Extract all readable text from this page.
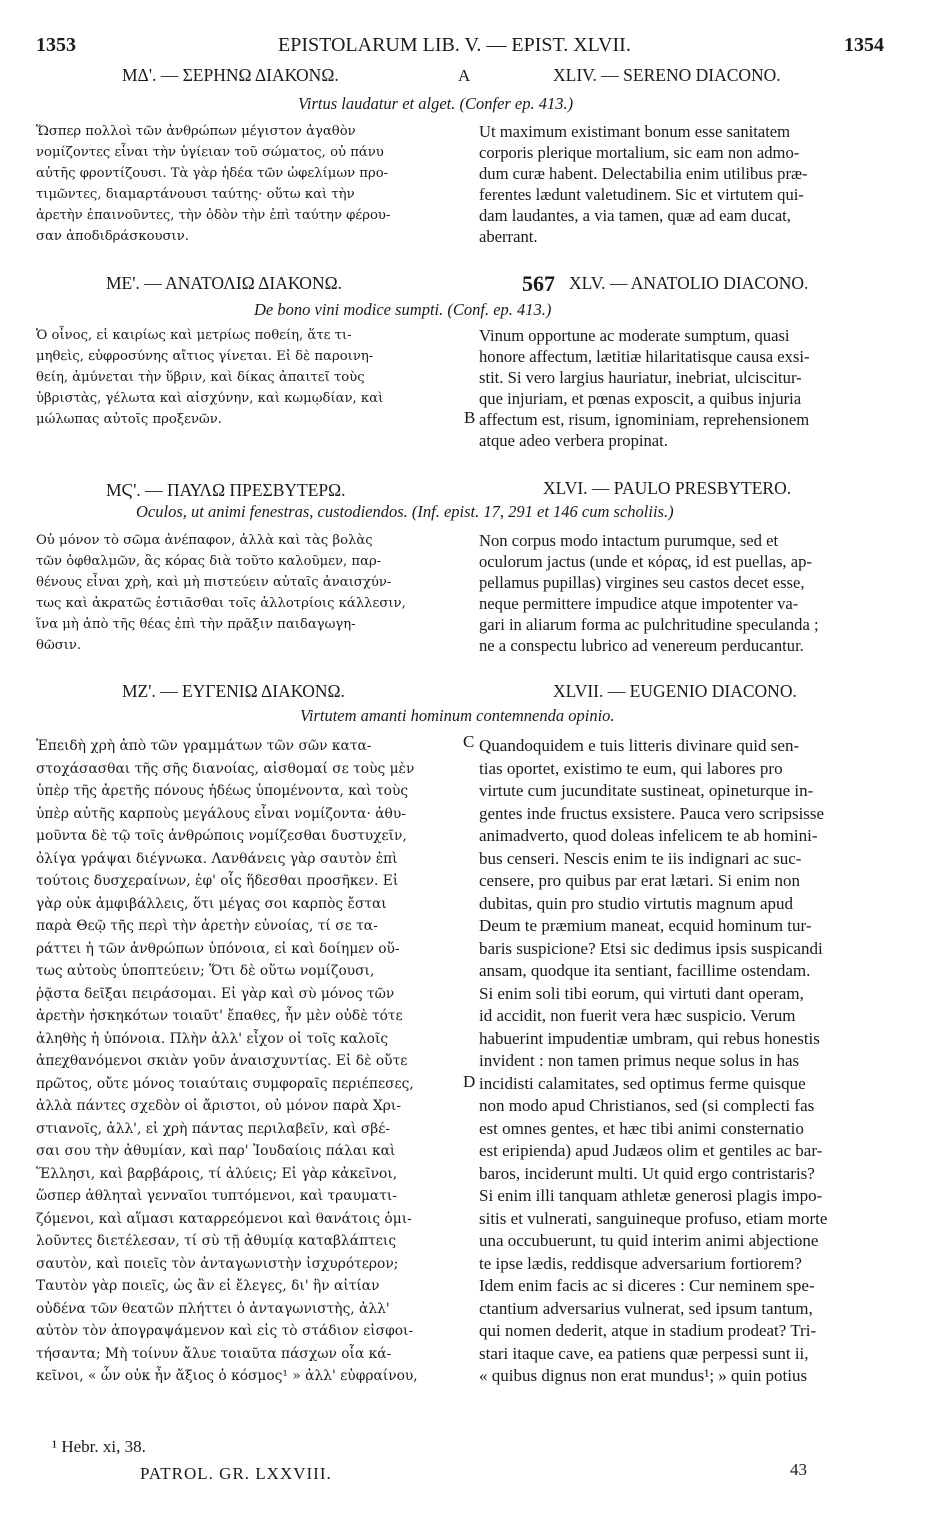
1353	EPISTOLARUM LIB. V. — EPIST. XLVII.	1354
ΜΔ'. — ΣΕΡΗΝΩ ΔΙΑΚΟΝΩ.	XLIV. — SERENO DIACONO.
A
Virtus laudatur et alget. (Confer ep. 413.)
Ὥσπερ πολλοὶ τῶν ἀνθρώπων μέγιστον ἀγαθὸν
νομίζοντες εἶναι τὴν ὑγίειαν τοῦ σώματος, οὐ πάνυ
αὐτῆς φροντίζουσι. Τὰ γὰρ ἡδέα τῶν ὠφελίμων προ-
τιμῶντες, διαμαρτάνουσι ταύτης· οὕτω καὶ τὴν
ἀρετὴν ἐπαινοῦντες, τὴν ὁδὸν τὴν ἐπὶ ταύτην φέρου-
σαν ἀποδιδράσκουσιν.
Ut maximum existimant bonum esse sanitatem
corporis plerique mortalium, sic eam non admo-
dum curæ habent. Delectabilia enim utilibus præ-
ferentes lædunt valetudinem. Sic et virtutem qui-
dam laudantes, a via tamen, quæ ad eam ducat,
aberrant.
ΜΕ'. — ΑΝΑΤΟΛΙΩ ΔΙΑΚΟΝΩ.	567 XLV. — ANATOLIO DIACONO.
De bono vini modice sumpti. (Conf. ep. 413.)
Ὁ οἶνος, εἰ καιρίως καὶ μετρίως ποθείη, ἅτε τι-
μηθεὶς, εὐφροσύνης αἴτιος γίνεται. Εἰ δὲ παροινη-
θείη, ἀμύνεται τὴν ὕβριν, καὶ δίκας ἀπαιτεῖ τοὺς
ὑβριστὰς, γέλωτα καὶ αἰσχύνην, καὶ κωμῳδίαν, καὶ
μώλωπας αὐτοῖς προξενῶν.	B
Vinum opportune ac moderate sumptum, quasi
honore affectum, lætitiæ hilaritatisque causa exsi-
stit. Si vero largius hauriatur, inebriat, ulciscitur-
que injuriam, et pœnas exposcit, a quibus injuria
affectum est, risum, ignominiam, reprehensionem
atque adeo verbera propinat.
ΜϚ'. — ΠΑΥΛΩ ΠΡΕΣΒΥΤΕΡΩ.	XLVI. — PAULO PRESBYTERO.
Oculos, ut animi fenestras, custodiendos. (Inf. epist. 17, 291 et 146 cum scholiis.)
Οὐ μόνον τὸ σῶμα ἀνέπαφον, ἀλλὰ καὶ τὰς βολὰς
τῶν ὀφθαλμῶν, ἃς κόρας διὰ τοῦτο καλοῦμεν, παρ-
θένους εἶναι χρὴ, καὶ μὴ πιστεύειν αὐταῖς ἀναισχύν-
τως καὶ ἀκρατῶς ἑστιᾶσθαι τοῖς ἀλλοτρίοις κάλλεσιν,
ἵνα μὴ ἀπὸ τῆς θέας ἐπὶ τὴν πρᾶξιν παιδαγωγη-
θῶσιν.
Non corpus modo intactum purumque, sed et
oculorum jactus (unde et κόρας, id est puellas, ap-
pellamus pupillas) virgines seu castos decet esse,
neque permittere impudice atque impotenter va-
gari in aliarum forma ac pulchritudine speculanda ;
ne a conspectu lubrico ad venereum perducantur.
ΜΖ'. — ΕΥΓΕΝΙΩ ΔΙΑΚΟΝΩ.	XLVII. — EUGENIO DIACONO.
Virtutem amanti hominum contemnenda opinio.
C
D
Ἐπειδὴ χρὴ ἀπὸ τῶν γραμμάτων τῶν σῶν κατα-
στοχάσασθαι τῆς σῆς διανοίας, αἰσθομαί σε τοὺς μὲν
ὑπὲρ τῆς ἀρετῆς πόνους ἡδέως ὑπομένοντα, καὶ τοὺς
ὑπὲρ αὐτῆς καρποὺς μεγάλους εἶναι νομίζοντα· ἀθυ-
μοῦντα δὲ τῷ τοῖς ἀνθρώποις νομίζεσθαι δυστυχεῖν,
ὀλίγα γράψαι διέγνωκα. Λανθάνεις γὰρ σαυτὸν ἐπὶ
τούτοις δυσχεραίνων, ἐφ' οἷς ἥδεσθαι προσῆκεν. Εἰ
γὰρ οὐκ ἀμφιβάλλεις, ὅτι μέγας σοι καρπὸς ἔσται
παρὰ Θεῷ τῆς περὶ τὴν ἀρετὴν εὐνοίας, τί σε τα-
ράττει ἡ τῶν ἀνθρώπων ὑπόνοια, εἰ καὶ δοίημεν οὕ-
τως αὐτοὺς ὑποπτεύειν; Ὅτι δὲ οὕτω νομίζουσι,
ῥᾷστα δεῖξαι πειράσομαι. Εἰ γὰρ καὶ σὺ μόνος τῶν
ἀρετὴν ἠσκηκότων τοιαῦτ' ἔπαθες, ἦν μὲν οὐδὲ τότε
ἀληθὴς ἡ ὑπόνοια. Πλὴν ἀλλ' εἶχον οἱ τοῖς καλοῖς
ἀπεχθανόμενοι σκιὰν γοῦν ἀναισχυντίας. Εἰ δὲ οὔτε
πρῶτος, οὔτε μόνος τοιαύταις συμφοραῖς περιέπεσες,
ἀλλὰ πάντες σχεδὸν οἱ ἄριστοι, οὐ μόνον παρὰ Χρι-
στιανοῖς, ἀλλ', εἰ χρὴ πάντας περιλαβεῖν, καὶ σβέ-
σαι σου τὴν ἀθυμίαν, καὶ παρ' Ἰουδαίοις πάλαι καὶ
Ἕλλησι, καὶ βαρβάροις, τί ἀλύεις; Εἰ γὰρ κἀκεῖνοι,
ὥσπερ ἀθληταὶ γενναῖοι τυπτόμενοι, καὶ τραυματι-
ζόμενοι, καὶ αἵμασι καταρρεόμενοι καὶ θανάτοις ὁμι-
λοῦντες διετέλεσαν, τί σὺ τῇ ἀθυμίᾳ καταβλάπτεις
σαυτὸν, καὶ ποιεῖς τὸν ἀνταγωνιστὴν ἰσχυρότερον;
Ταυτὸν γὰρ ποιεῖς, ὡς ἂν εἰ ἔλεγες, δι' ἣν αἰτίαν
οὐδένα τῶν θεατῶν πλήττει ὁ ἀνταγωνιστὴς, ἀλλ'
αὐτὸν τὸν ἀπογραψάμενον καὶ εἰς τὸ στάδιον εἰσφοι-
τήσαντα; Μὴ τοίνυν ἄλυε τοιαῦτα πάσχων οἷα κά-
κεῖνοι, « ὧν οὐκ ἦν ἄξιος ὁ κόσμος¹ » ἀλλ' εὐφραίνου,
Quandoquidem e tuis litteris divinare quid sen-
tias oportet, existimo te eum, qui labores pro
virtute cum jucunditate sustineat, opineturque in-
gentes inde fructus exsistere. Pauca vero scripsisse
animadverto, quod doleas infelicem te ab homini-
bus censeri. Nescis enim te iis indignari ac suc-
censere, pro quibus par erat lætari. Si enim non
dubitas, quin pro studio virtutis magnum apud
Deum te præmium maneat, ecquid hominum tur-
baris suspicione? Etsi sic dedimus ipsis suspicandi
ansam, quodque ita sentiant, facillime ostendam.
Si enim soli tibi eorum, qui virtuti dant operam,
id accidit, non fuerit vera hæc suspicio. Verum
habuerint impudentiæ umbram, qui rebus honestis
invident : non tamen primus neque solus in has
incidisti calamitates, sed optimus ferme quisque
non modo apud Christianos, sed (si complecti fas
est omnes gentes, et hæc tibi animi consternatio
est eripienda) apud Judæos olim et gentiles ac bar-
baros, inciderunt multi. Ut quid ergo contristaris?
Si enim illi tanquam athletæ generosi plagis impo-
sitis et vulnerati, sanguineque profuso, etiam morte
una occubuerunt, tu quid interim animi abjectione
te ipse lædis, reddisque adversarium fortiorem?
Idem enim facis ac si diceres : Cur neminem spe-
ctantium adversarius vulnerat, sed ipsum tantum,
qui nomen dederit, atque in stadium prodeat? Tri-
stari itaque cave, ea patiens quæ perpessi sunt ii,
« quibus dignus non erat mundus¹; » quin potius
¹ Hebr. xi, 38.
PATROL. GR. LXXVIII.	43
